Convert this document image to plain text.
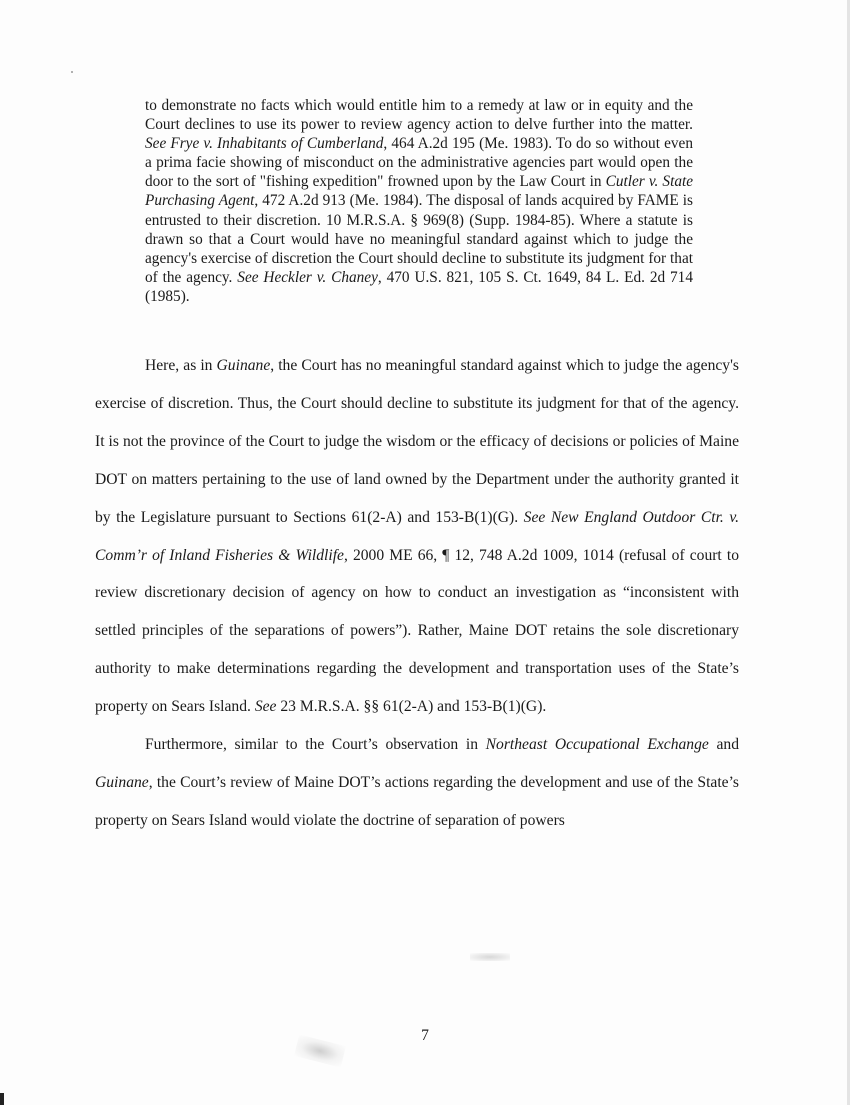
to demonstrate no facts which would entitle him to a remedy at law or in equity and the Court declines to use its power to review agency action to delve further into the matter. See Frye v. Inhabitants of Cumberland, 464 A.2d 195 (Me. 1983). To do so without even a prima facie showing of misconduct on the administrative agencies part would open the door to the sort of "fishing expedition" frowned upon by the Law Court in Cutler v. State Purchasing Agent, 472 A.2d 913 (Me. 1984). The disposal of lands acquired by FAME is entrusted to their discretion. 10 M.R.S.A. § 969(8) (Supp. 1984-85). Where a statute is drawn so that a Court would have no meaningful standard against which to judge the agency's exercise of discretion the Court should decline to substitute its judgment for that of the agency. See Heckler v. Chaney, 470 U.S. 821, 105 S. Ct. 1649, 84 L. Ed. 2d 714 (1985).
Here, as in Guinane, the Court has no meaningful standard against which to judge the agency's exercise of discretion. Thus, the Court should decline to substitute its judgment for that of the agency. It is not the province of the Court to judge the wisdom or the efficacy of decisions or policies of Maine DOT on matters pertaining to the use of land owned by the Department under the authority granted it by the Legislature pursuant to Sections 61(2-A) and 153-B(1)(G). See New England Outdoor Ctr. v. Comm’r of Inland Fisheries & Wildlife, 2000 ME 66, ¶ 12, 748 A.2d 1009, 1014 (refusal of court to review discretionary decision of agency on how to conduct an investigation as “inconsistent with settled principles of the separations of powers”). Rather, Maine DOT retains the sole discretionary authority to make determinations regarding the development and transportation uses of the State’s property on Sears Island. See 23 M.R.S.A. §§ 61(2-A) and 153-B(1)(G).
Furthermore, similar to the Court’s observation in Northeast Occupational Exchange and Guinane, the Court’s review of Maine DOT’s actions regarding the development and use of the State’s property on Sears Island would violate the doctrine of separation of powers
7
